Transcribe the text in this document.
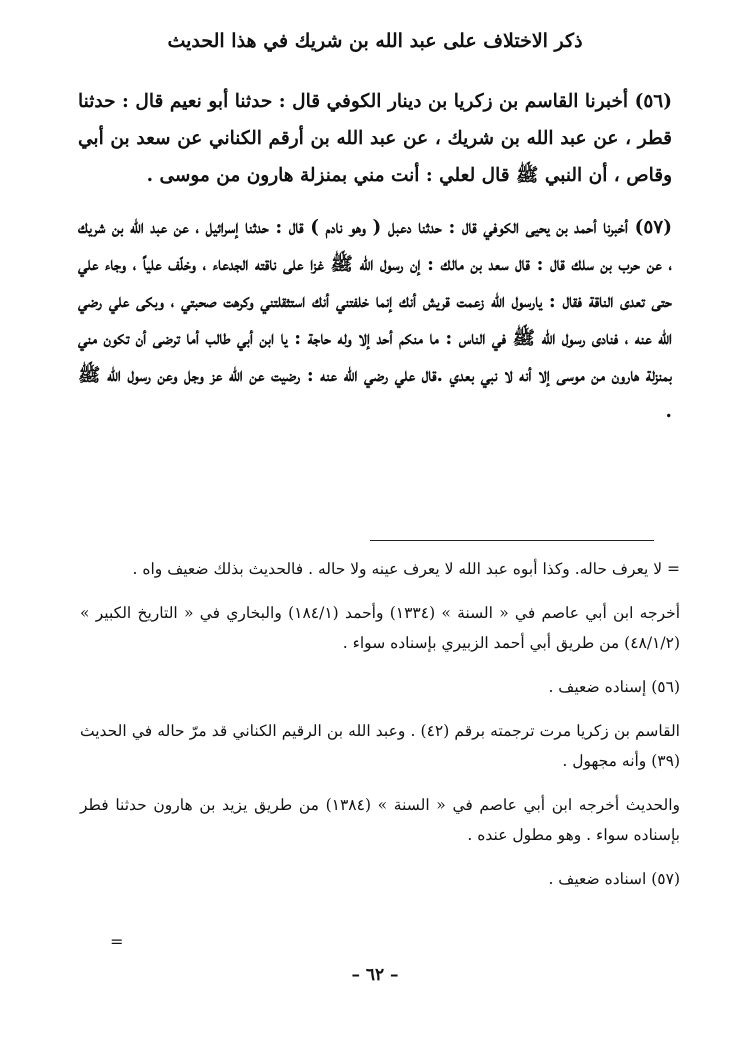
ذكر الاختلاف على عبد الله بن شريك في هذا الحديث

(٥٦) أخبرنا القاسم بن زكريا بن دينار الكوفي قال : حدثنا أبو نعيم قال : حدثنا قطر ، عن عبد الله بن شريك ، عن عبد الله بن أرقم الكناني عن سعد بن أبي وقاص ، أن النبي ﷺ قال لعلي : أنت مني بمنزلة هارون من موسى .

(٥٧) أخبرنا أحمد بن يحيى الكوفي قال : حدثنا دعبل ( وهو نادم ) قال : حدثنا إسرائيل ، عن عبد الله بن شريك ، عن حرب بن سلك قال : قال سعد بن مالك : إن رسول الله ﷺ غزا على ناقته الجدعاء ، وخلّف علياً ، وجاء علي حتى تعدى الناقة فقال : يارسول الله زعمت قريش أنك إنما خلفتني أنك استثقلتني وكرهت صحبتي ، وبكى علي رضي الله عنه ، فنادى رسول الله ﷺ في الناس : ما منكم أحد إلا وله حاجة : يا ابن أبي طالب أما ترضى أن تكون مني بمنزلة هارون من موسى إلا أنه لا نبي بعدي .قال علي رضي الله عنه : رضيت عن الله عز وجل وعن رسول الله ﷺ .

= لا يعرف حاله. وكذا أبوه عبد الله لا يعرف عينه ولا حاله . فالحديث بذلك ضعيف واه .

أخرجه ابن أبي عاصم في « السنة » (١٣٣٤) وأحمد (١٨٤/١) والبخاري في « التاريخ الكبير » (٤٨/١/٢) من طريق أبي أحمد الزبيري بإسناده سواء .

(٥٦) إسناده ضعيف .

القاسم بن زكريا مرت ترجمته برقم (٤٢) . وعبد الله بن الرقيم الكناني قد مرّ حاله في الحديث (٣٩) وأنه مجهول .

والحديث أخرجه ابن أبي عاصم في « السنة » (١٣٨٤) من طريق يزيد بن هارون حدثنا فطر بإسناده سواء . وهو مطول عنده .

(٥٧) اسناده ضعيف .

=
– ٦٢ –
